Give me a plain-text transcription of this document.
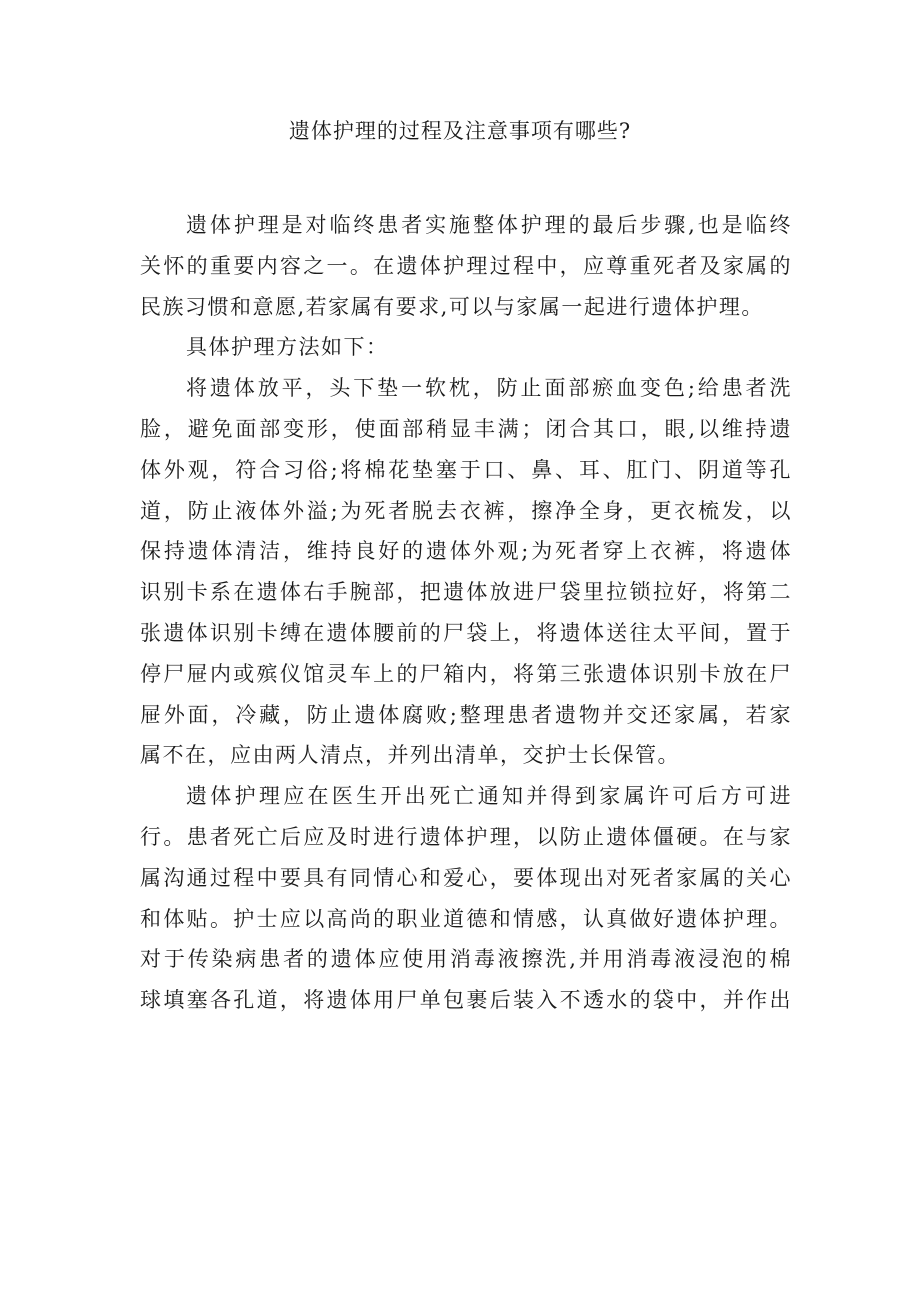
遗体护理的过程及注意事项有哪些?
遗体护理是对临终患者实施整体护理的最后步骤,也是临终
关怀的重要内容之一。在遗体护理过程中，应尊重死者及家属的
民族习惯和意愿,若家属有要求,可以与家属一起进行遗体护理。
具体护理方法如下：
将遗体放平，头下垫一软枕，防止面部瘀血变色;给患者洗
脸，避免面部变形，使面部稍显丰满；闭合其口，眼,以维持遗
体外观，符合习俗;将棉花垫塞于口、鼻、耳、肛门、阴道等孔
道，防止液体外溢;为死者脱去衣裤，擦净全身，更衣梳发，以
保持遗体清洁，维持良好的遗体外观;为死者穿上衣裤，将遗体
识别卡系在遗体右手腕部，把遗体放进尸袋里拉锁拉好，将第二
张遗体识别卡缚在遗体腰前的尸袋上，将遗体送往太平间，置于
停尸屉内或殡仪馆灵车上的尸箱内，将第三张遗体识别卡放在尸
屉外面，冷藏，防止遗体腐败;整理患者遗物并交还家属，若家
属不在，应由两人清点，并列出清单，交护士长保管。
遗体护理应在医生开出死亡通知并得到家属许可后方可进
行。患者死亡后应及时进行遗体护理，以防止遗体僵硬。在与家
属沟通过程中要具有同情心和爱心，要体现出对死者家属的关心
和体贴。护士应以高尚的职业道德和情感，认真做好遗体护理。
对于传染病患者的遗体应使用消毒液擦洗,并用消毒液浸泡的棉
球填塞各孔道，将遗体用尸单包裹后装入不透水的袋中，并作出
